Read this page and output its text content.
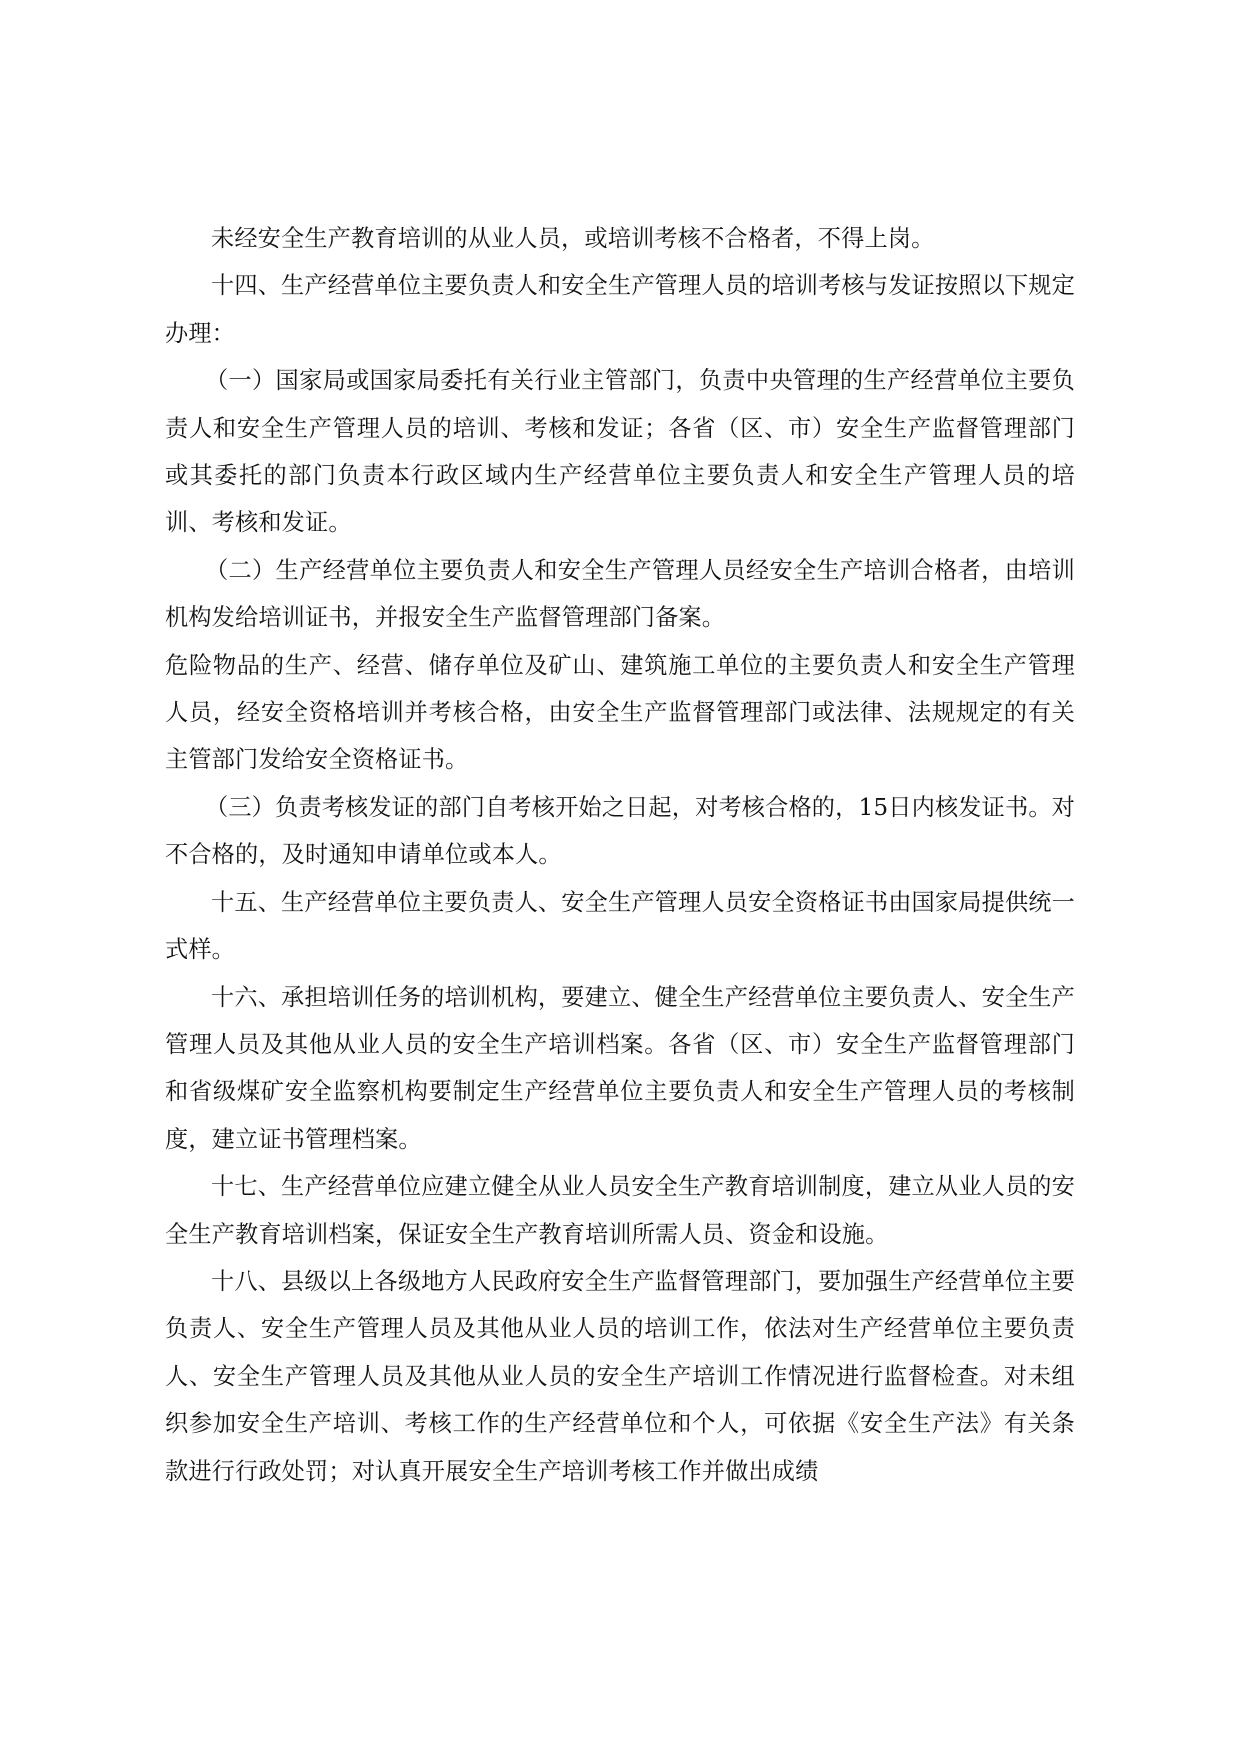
未经安全生产教育培训的从业人员，或培训考核不合格者，不得上岗。

十四、生产经营单位主要负责人和安全生产管理人员的培训考核与发证按照以下规定办理：

（一）国家局或国家局委托有关行业主管部门，负责中央管理的生产经营单位主要负责人和安全生产管理人员的培训、考核和发证；各省（区、市）安全生产监督管理部门或其委托的部门负责本行政区域内生产经营单位主要负责人和安全生产管理人员的培训、考核和发证。

（二）生产经营单位主要负责人和安全生产管理人员经安全生产培训合格者，由培训机构发给培训证书，并报安全生产监督管理部门备案。

危险物品的生产、经营、储存单位及矿山、建筑施工单位的主要负责人和安全生产管理人员，经安全资格培训并考核合格，由安全生产监督管理部门或法律、法规规定的有关主管部门发给安全资格证书。

（三）负责考核发证的部门自考核开始之日起，对考核合格的，15日内核发证书。对不合格的，及时通知申请单位或本人。

十五、生产经营单位主要负责人、安全生产管理人员安全资格证书由国家局提供统一式样。

十六、承担培训任务的培训机构，要建立、健全生产经营单位主要负责人、安全生产管理人员及其他从业人员的安全生产培训档案。各省（区、市）安全生产监督管理部门和省级煤矿安全监察机构要制定生产经营单位主要负责人和安全生产管理人员的考核制度，建立证书管理档案。

十七、生产经营单位应建立健全从业人员安全生产教育培训制度，建立从业人员的安全生产教育培训档案，保证安全生产教育培训所需人员、资金和设施。

十八、县级以上各级地方人民政府安全生产监督管理部门，要加强生产经营单位主要负责人、安全生产管理人员及其他从业人员的培训工作，依法对生产经营单位主要负责人、安全生产管理人员及其他从业人员的安全生产培训工作情况进行监督检查。对未组织参加安全生产培训、考核工作的生产经营单位和个人，可依据《安全生产法》有关条款进行行政处罚；对认真开展安全生产培训考核工作并做出成绩
